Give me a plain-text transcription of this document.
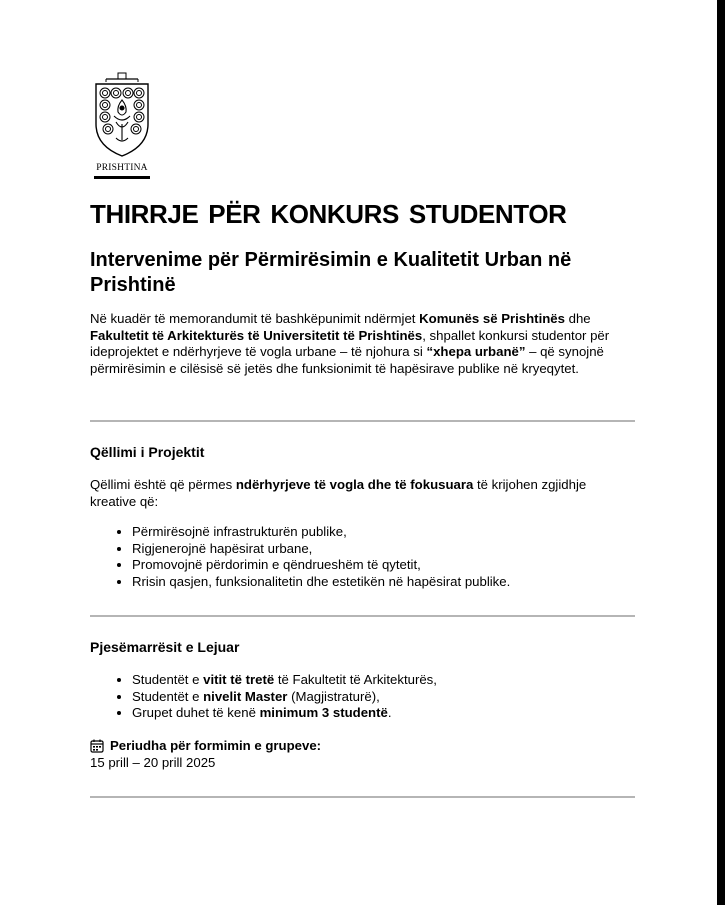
PRISHTINA
THIRRJE PËR KONKURS STUDENTOR
Intervenime për Përmirësimin e Kualitetit Urban në Prishtinë

Në kuadër të memorandumit të bashkëpunimit ndërmjet Komunës së Prishtinës dhe Fakultetit të Arkitekturës të Universitetit të Prishtinës, shpallet konkursi studentor për ideprojektet e ndërhyrjeve të vogla urbane – të njohura si “xhepa urbanë” – që synojnë përmirësimin e cilësisë së jetës dhe funksionimit të hapësirave publike në kryeqytet.

Qëllimi i Projektit

Qëllimi është që përmes ndërhyrjeve të vogla dhe të fokusuara të krijohen zgjidhje kreative që:

• Përmirësojnë infrastrukturën publike,
• Rigjenerojnë hapësirat urbane,
• Promovojnë përdorimin e qëndrueshëm të qytetit,
• Rrisin qasjen, funksionalitetin dhe estetikën në hapësirat publike.
Pjesëmarrësit e Lejuar
• Studentët e vitit të tretë të Fakultetit të Arkitekturës,
• Studentët e nivelit Master (Magjistraturë),
• Grupet duhet të kenë minimum 3 studentë.
Periudha për formimin e grupeve:
15 prill – 20 prill 2025
